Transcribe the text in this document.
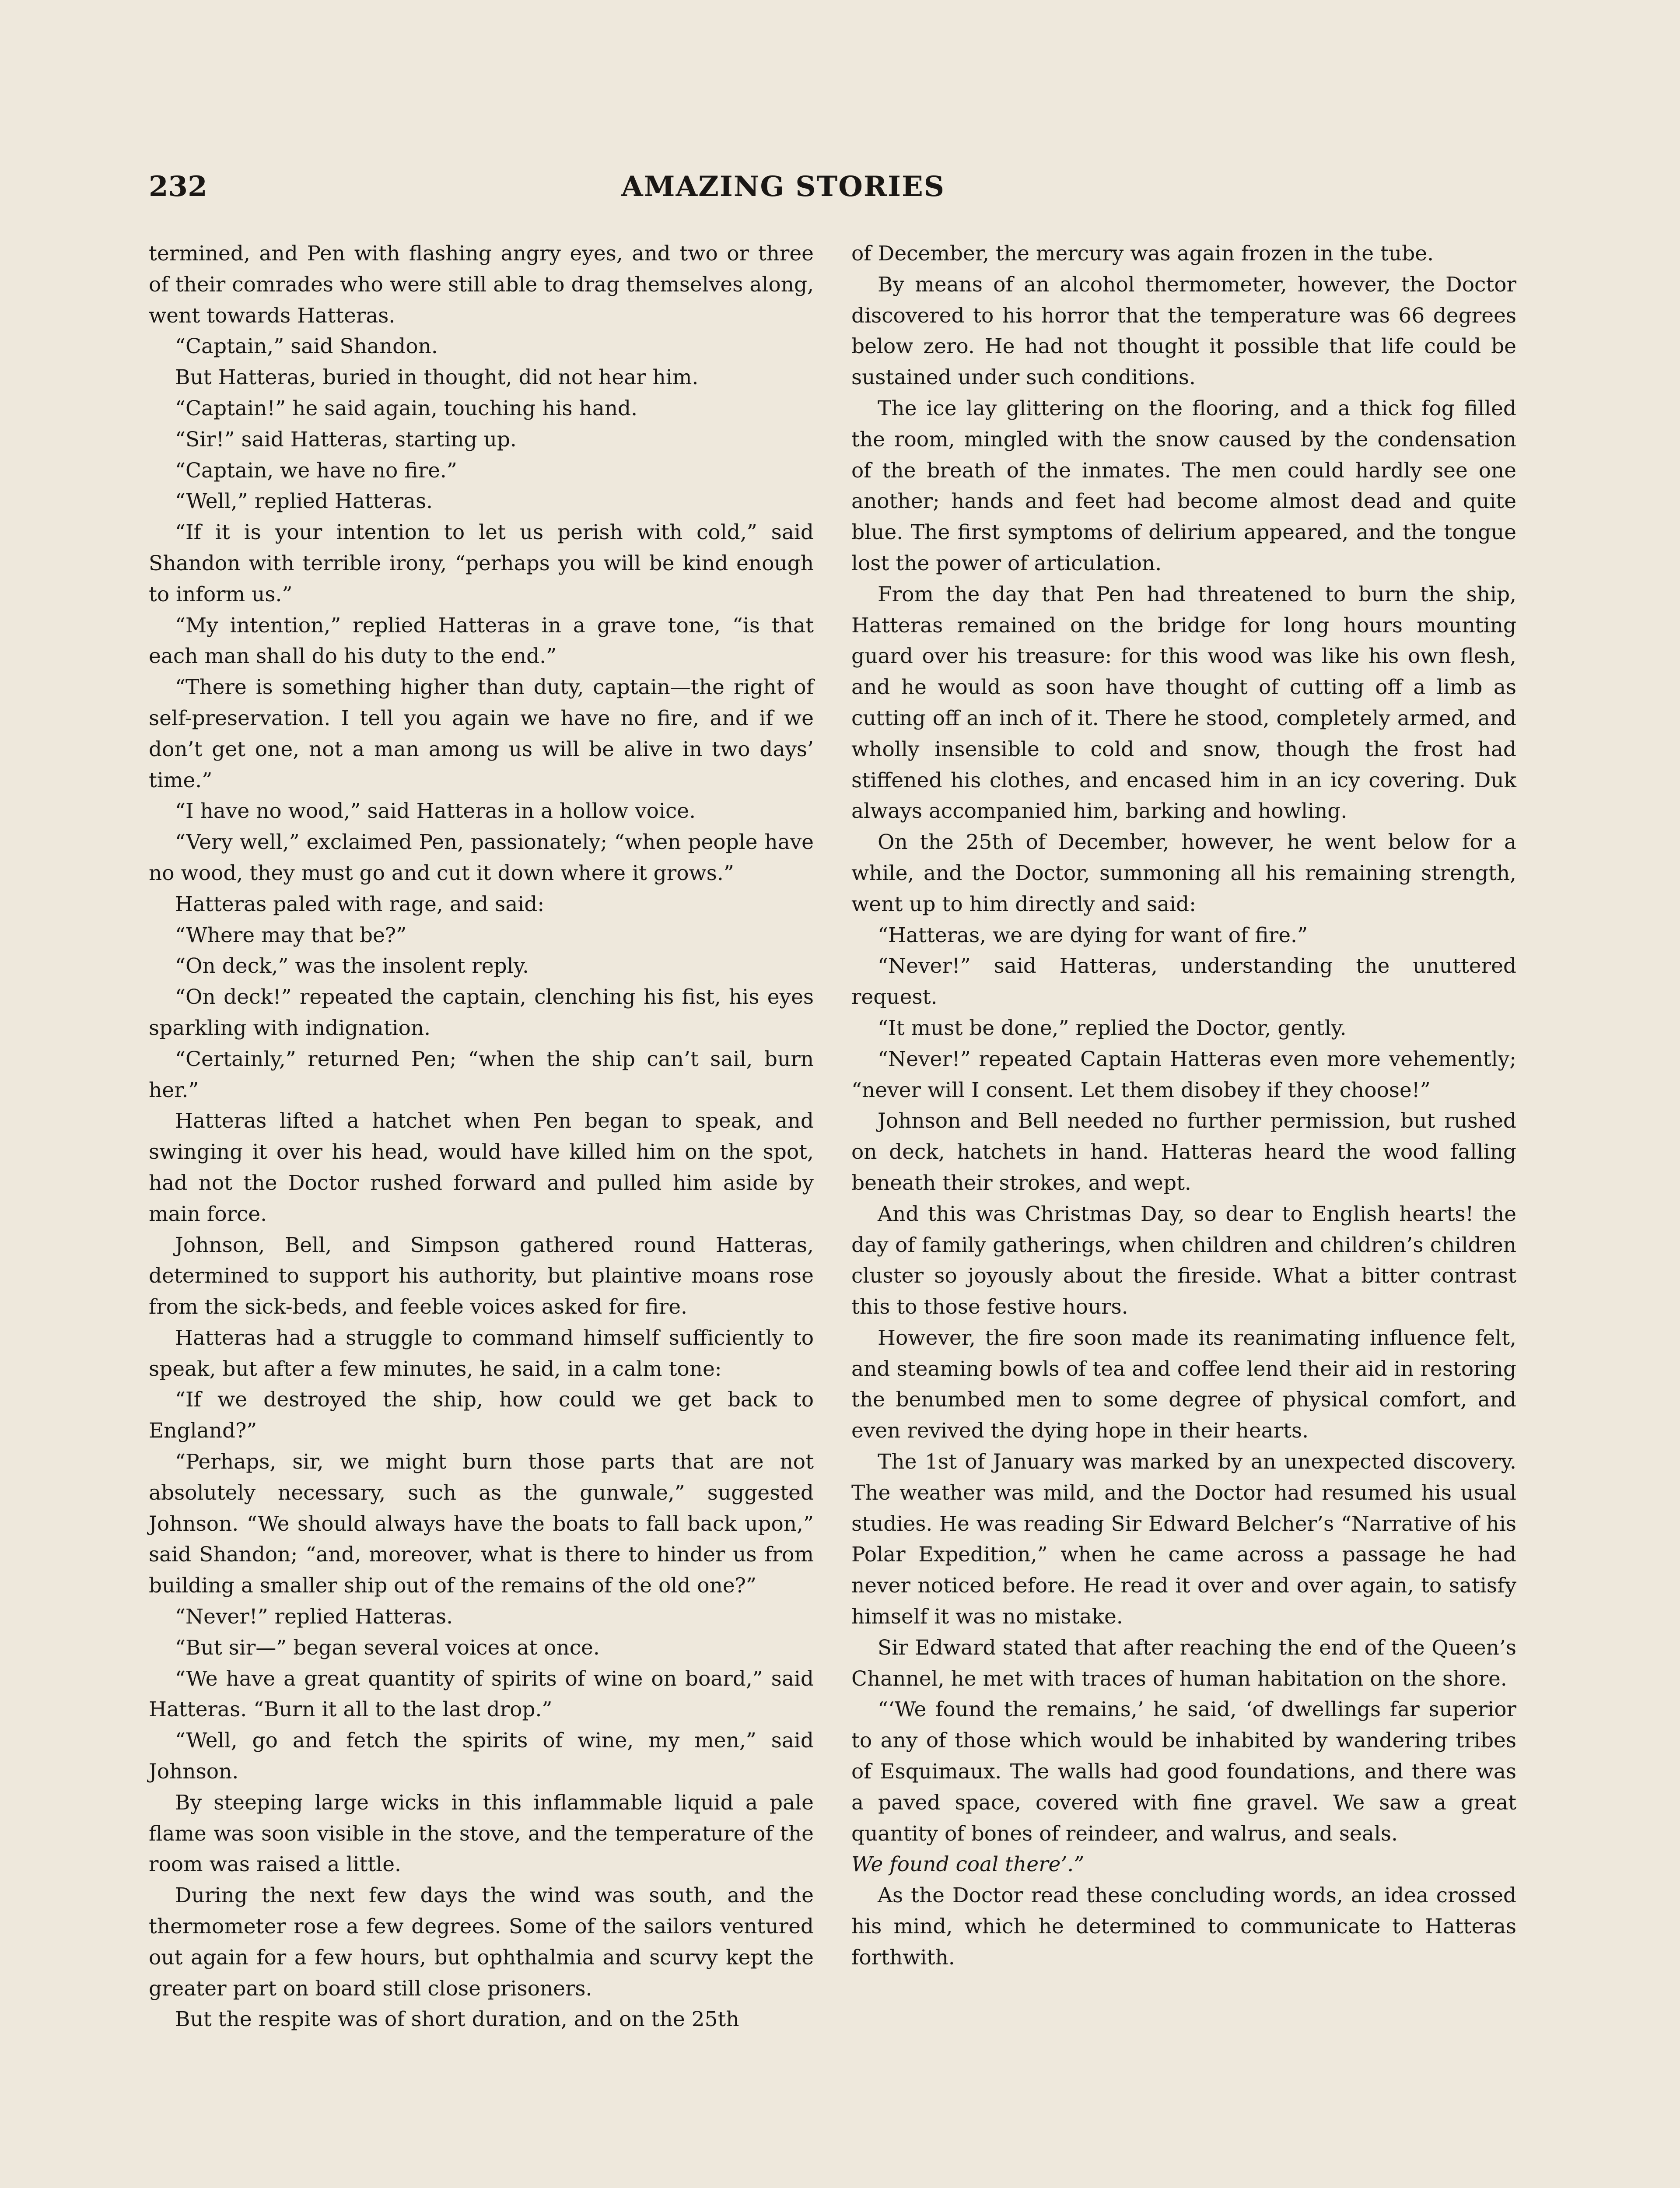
232	AMAZING STORIES

termined, and Pen with flashing angry eyes, and two or three of their comrades who were still able to drag themselves along, went towards Hatteras.

“Captain,” said Shandon.

But Hatteras, buried in thought, did not hear him.

“Captain!” he said again, touching his hand.

“Sir!” said Hatteras, starting up.

“Captain, we have no fire.”

“Well,” replied Hatteras.

“If it is your intention to let us perish with cold,” said Shandon with terrible irony, “perhaps you will be kind enough to inform us.”

“My intention,” replied Hatteras in a grave tone, “is that each man shall do his duty to the end.”

“There is something higher than duty, captain—the right of self-preservation. I tell you again we have no fire, and if we don’t get one, not a man among us will be alive in two days’ time.”

“I have no wood,” said Hatteras in a hollow voice.

“Very well,” exclaimed Pen, passionately; “when people have no wood, they must go and cut it down where it grows.”

Hatteras paled with rage, and said:

“Where may that be?”

“On deck,” was the insolent reply.

“On deck!” repeated the captain, clenching his fist, his eyes sparkling with indignation.

“Certainly,” returned Pen; “when the ship can’t sail, burn her.”

Hatteras lifted a hatchet when Pen began to speak, and swinging it over his head, would have killed him on the spot, had not the Doctor rushed forward and pulled him aside by main force.

Johnson, Bell, and Simpson gathered round Hatteras, determined to support his authority, but plaintive moans rose from the sick-beds, and feeble voices asked for fire.

Hatteras had a struggle to command himself sufficiently to speak, but after a few minutes, he said, in a calm tone:

“If we destroyed the ship, how could we get back to England?”

“Perhaps, sir, we might burn those parts that are not absolutely necessary, such as the gunwale,” suggested Johnson. “We should always have the boats to fall back upon,” said Shandon; “and, moreover, what is there to hinder us from building a smaller ship out of the remains of the old one?”

“Never!” replied Hatteras.

“But sir—” began several voices at once.

“We have a great quantity of spirits of wine on board,” said Hatteras. “Burn it all to the last drop.”

“Well, go and fetch the spirits of wine, my men,” said Johnson.

By steeping large wicks in this inflammable liquid a pale flame was soon visible in the stove, and the temperature of the room was raised a little.

During the next few days the wind was south, and the thermometer rose a few degrees. Some of the sailors ventured out again for a few hours, but ophthalmia and scurvy kept the greater part on board still close prisoners.

But the respite was of short duration, and on the 25th

of December, the mercury was again frozen in the tube.

By means of an alcohol thermometer, however, the Doctor discovered to his horror that the temperature was 66 degrees below zero. He had not thought it possible that life could be sustained under such conditions.

The ice lay glittering on the flooring, and a thick fog filled the room, mingled with the snow caused by the condensation of the breath of the inmates. The men could hardly see one another; hands and feet had become almost dead and quite blue. The first symptoms of delirium appeared, and the tongue lost the power of articulation.

From the day that Pen had threatened to burn the ship, Hatteras remained on the bridge for long hours mounting guard over his treasure: for this wood was like his own flesh, and he would as soon have thought of cutting off a limb as cutting off an inch of it. There he stood, completely armed, and wholly insensible to cold and snow, though the frost had stiffened his clothes, and encased him in an icy covering. Duk always accompanied him, barking and howling.

On the 25th of December, however, he went below for a while, and the Doctor, summoning all his remaining strength, went up to him directly and said:

“Hatteras, we are dying for want of fire.”

“Never!” said Hatteras, understanding the unuttered request.

“It must be done,” replied the Doctor, gently.

“Never!” repeated Captain Hatteras even more vehemently; “never will I consent. Let them disobey if they choose!”

Johnson and Bell needed no further permission, but rushed on deck, hatchets in hand. Hatteras heard the wood falling beneath their strokes, and wept.

And this was Christmas Day, so dear to English hearts! the day of family gatherings, when children and children’s children cluster so joyously about the fireside. What a bitter contrast this to those festive hours.

However, the fire soon made its reanimating influence felt, and steaming bowls of tea and coffee lend their aid in restoring the benumbed men to some degree of physical comfort, and even revived the dying hope in their hearts.

The 1st of January was marked by an unexpected discovery. The weather was mild, and the Doctor had resumed his usual studies. He was reading Sir Edward Belcher’s “Narrative of his Polar Expedition,” when he came across a passage he had never noticed before. He read it over and over again, to satisfy himself it was no mistake.

Sir Edward stated that after reaching the end of the Queen’s Channel, he met with traces of human habitation on the shore.

“‘We found the remains,’ he said, ‘of dwellings far superior to any of those which would be inhabited by wandering tribes of Esquimaux. The walls had good foundations, and there was a paved space, covered with fine gravel. We saw a great quantity of bones of reindeer, and walrus, and seals.

We found coal there’.”

As the Doctor read these concluding words, an idea crossed his mind, which he determined to communicate to Hatteras forthwith.
